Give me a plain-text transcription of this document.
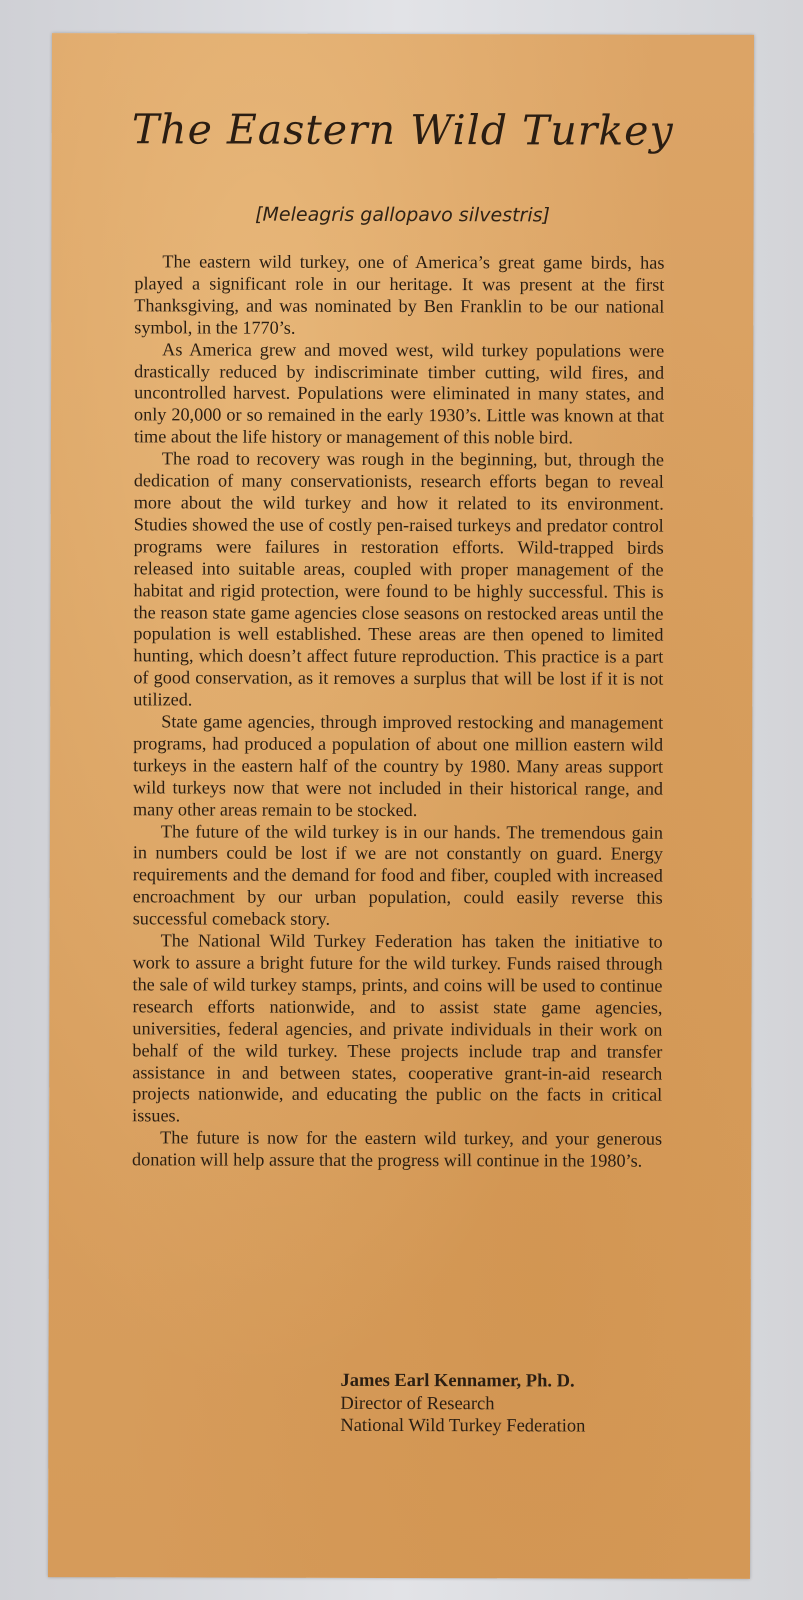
The Eastern Wild Turkey

[Meleagris gallopavo silvestris]

The eastern wild turkey, one of America’s great game birds, has played a significant role in our heritage. It was present at the first Thanksgiving, and was nominated by Ben Franklin to be our national symbol, in the 1770’s.

As America grew and moved west, wild turkey populations were drastically reduced by indiscriminate timber cutting, wild fires, and uncontrolled harvest. Populations were eliminated in many states, and only 20,000 or so remained in the early 1930’s. Little was known at that time about the life history or management of this noble bird.

The road to recovery was rough in the beginning, but, through the dedication of many conservationists, research efforts began to reveal more about the wild turkey and how it related to its environment. Studies showed the use of costly pen-raised turkeys and predator control programs were failures in restoration efforts. Wild-trapped birds released into suitable areas, coupled with proper management of the habitat and rigid protection, were found to be highly successful. This is the reason state game agencies close seasons on restocked areas until the population is well established. These areas are then opened to limited hunting, which doesn’t affect future reproduction. This practice is a part of good conservation, as it removes a surplus that will be lost if it is not utilized.

State game agencies, through improved restocking and management programs, had produced a population of about one million eastern wild turkeys in the eastern half of the country by 1980. Many areas support wild turkeys now that were not included in their historical range, and many other areas remain to be stocked.

The future of the wild turkey is in our hands. The tremendous gain in numbers could be lost if we are not constantly on guard. Energy requirements and the demand for food and fiber, coupled with increased encroachment by our urban population, could easily reverse this successful comeback story.

The National Wild Turkey Federation has taken the initiative to work to assure a bright future for the wild turkey. Funds raised through the sale of wild turkey stamps, prints, and coins will be used to continue research efforts nationwide, and to assist state game agencies, universities, federal agencies, and private individuals in their work on behalf of the wild turkey. These projects include trap and transfer assistance in and between states, cooperative grant-in-aid research projects nationwide, and educating the public on the facts in critical issues.

The future is now for the eastern wild turkey, and your generous donation will help assure that the progress will continue in the 1980’s.

James Earl Kennamer, Ph. D.
Director of Research
National Wild Turkey Federation
